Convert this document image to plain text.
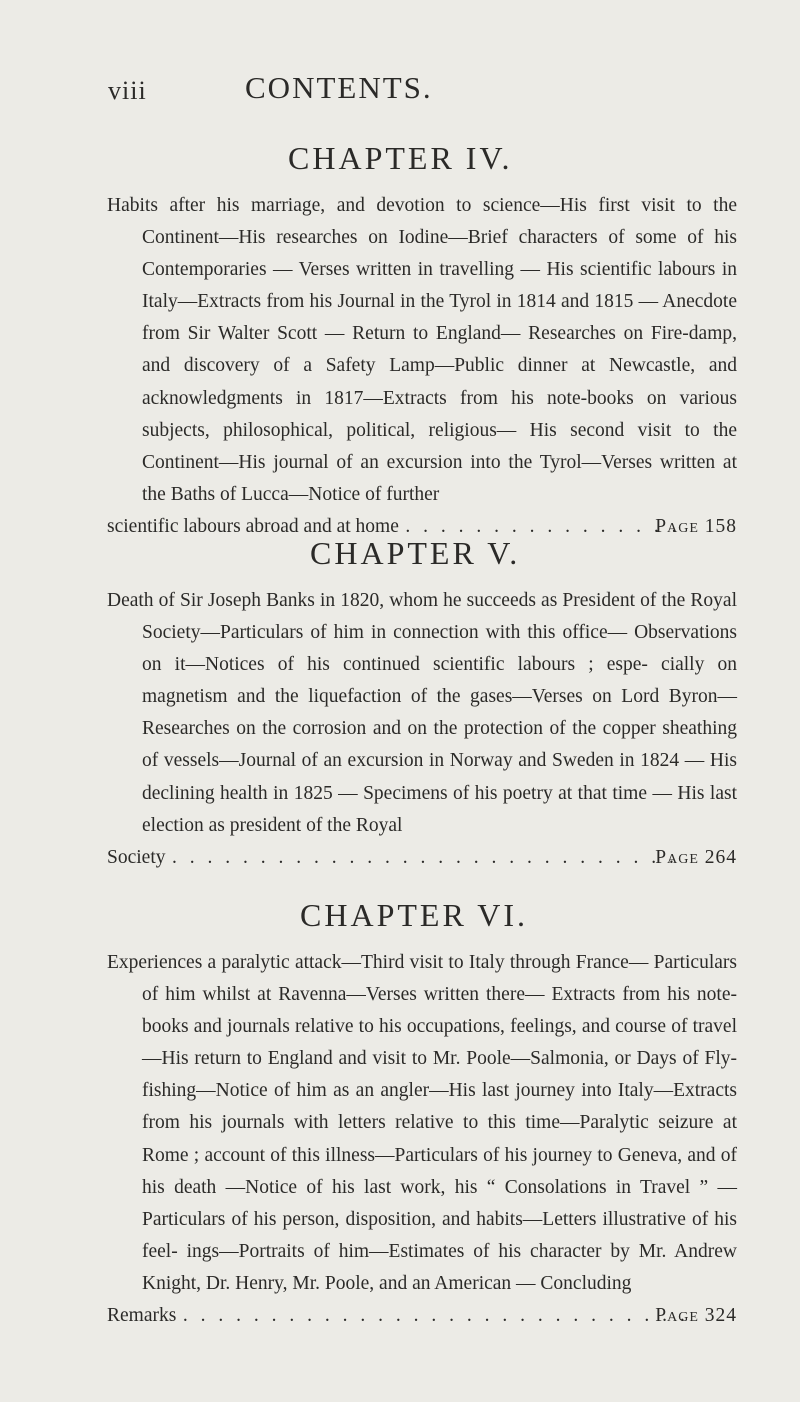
viii	CONTENTS.
CHAPTER IV.
Habits after his marriage, and devotion to science—His first visit to the Continent—His researches on Iodine—Brief characters of some of his Contemporaries — Verses written in travelling — His scientific labours in Italy—Extracts from his Journal in the Tyrol in 1814 and 1815 — Anecdote from Sir Walter Scott — Return to England— Researches on Fire-damp, and discovery of a Safety Lamp—Public dinner at Newcastle, and acknowledgments in 1817—Extracts from his note-books on various subjects, philosophical, political, religious— His second visit to the Continent—His journal of an excursion into the Tyrol—Verses written at the Baths of Lucca—Notice of further
scientific labours abroad and at home . . .	Page 158
CHAPTER V.
Death of Sir Joseph Banks in 1820, whom he succeeds as President of the Royal Society—Particulars of him in connection with this office— Observations on it—Notices of his continued scientific labours ; espe- cially on magnetism and the liquefaction of the gases—Verses on Lord Byron—Researches on the corrosion and on the protection of the copper sheathing of vessels—Journal of an excursion in Norway and Sweden in 1824 — His declining health in 1825 — Specimens of his poetry at that time — His last election as president of the Royal
Society . . .	Page 264
CHAPTER VI.
Experiences a paralytic attack—Third visit to Italy through France— Particulars of him whilst at Ravenna—Verses written there— Extracts from his note-books and journals relative to his occupations, feelings, and course of travel—His return to England and visit to Mr. Poole—Salmonia, or Days of Fly-fishing—Notice of him as an angler—His last journey into Italy—Extracts from his journals with letters relative to this time—Paralytic seizure at Rome ; account of this illness—Particulars of his journey to Geneva, and of his death —Notice of his last work, his “ Consolations in Travel ” — Particulars of his person, disposition, and habits—Letters illustrative of his feel- ings—Portraits of him—Estimates of his character by Mr. Andrew Knight, Dr. Henry, Mr. Poole, and an American — Concluding
Remarks . . .	Page 324
